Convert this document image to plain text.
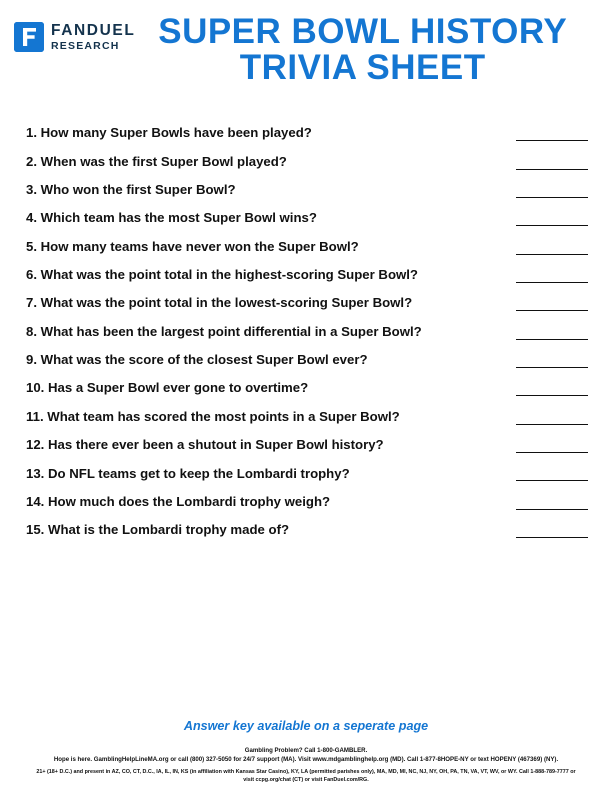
FANDUEL
RESEARCH	SUPER BOWL HISTORY
TRIVIA SHEET
1. How many Super Bowls have been played?
2. When was the first Super Bowl played?
3. Who won the first Super Bowl?
4. Which team has the most Super Bowl wins?
5. How many teams have never won the Super Bowl?
6. What was the point total in the highest-scoring Super Bowl?
7. What was the point total in the lowest-scoring Super Bowl?
8. What has been the largest point differential in a Super Bowl?
9. What was the score of the closest Super Bowl ever?
10. Has a Super Bowl ever gone to overtime?
11. What team has scored the most points in a Super Bowl?
12. Has there ever been a shutout in Super Bowl history?
13. Do NFL teams get to keep the Lombardi trophy?
14. How much does the Lombardi trophy weigh?
15. What is the Lombardi trophy made of?
Answer key available on a seperate page
Gambling Problem? Call 1-800-GAMBLER.
Hope is here. GamblingHelpLineMA.org or call (800) 327-5050 for 24/7 support (MA). Visit www.mdgamblinghelp.org (MD). Call 1-877-8HOPE-NY or text HOPENY (467369) (NY).
21+ (18+ D.C.) and present in AZ, CO, CT, D.C., IA, IL, IN, KS (in affiliation with Kansas Star Casino), KY, LA (permitted parishes only), MA, MD, MI, NC, NJ, NY, OH, PA, TN, VA, VT, WV, or WY. Call 1-888-789-7777 or visit ccpg.org/chat (CT) or visit FanDuel.com/RG.
